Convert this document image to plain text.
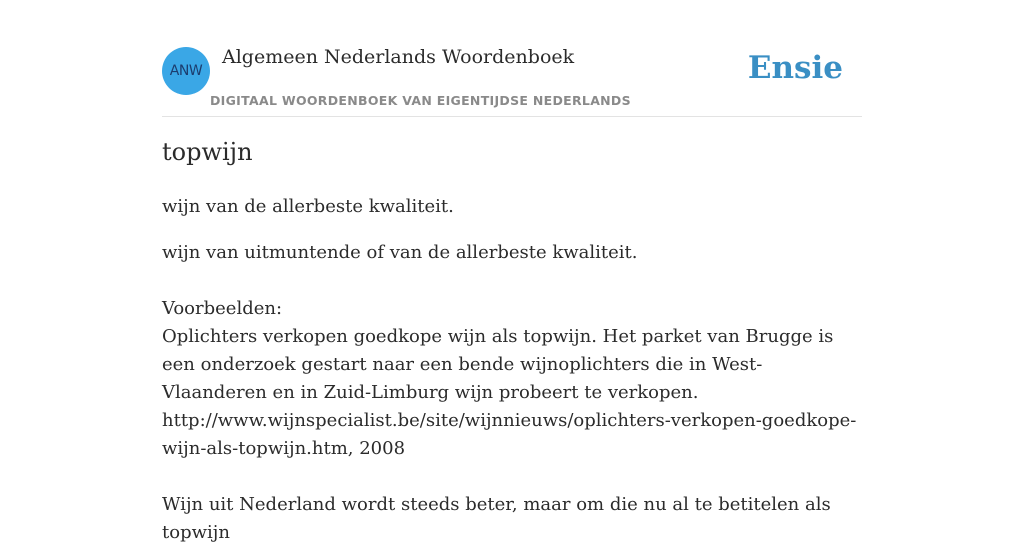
ANW
Algemeen Nederlands Woordenboek
DIGITAAL WOORDENBOEK VAN EIGENTIJDSE NEDERLANDS
Ensie
topwijn

wijn van de allerbeste kwaliteit.

wijn van uitmuntende of van de allerbeste kwaliteit.

Voorbeelden:

Oplichters verkopen goedkope wijn als topwijn. Het parket van Brugge is een onderzoek gestart naar een bende wijnoplichters die in West-Vlaanderen en in Zuid-Limburg wijn probeert te verkopen.

http://www.wijnspecialist.be/site/wijnnieuws/oplichters-verkopen-goedkope-wijn-als-topwijn.htm, 2008

Wijn uit Nederland wordt steeds beter, maar om die nu al te betitelen als topwijn
